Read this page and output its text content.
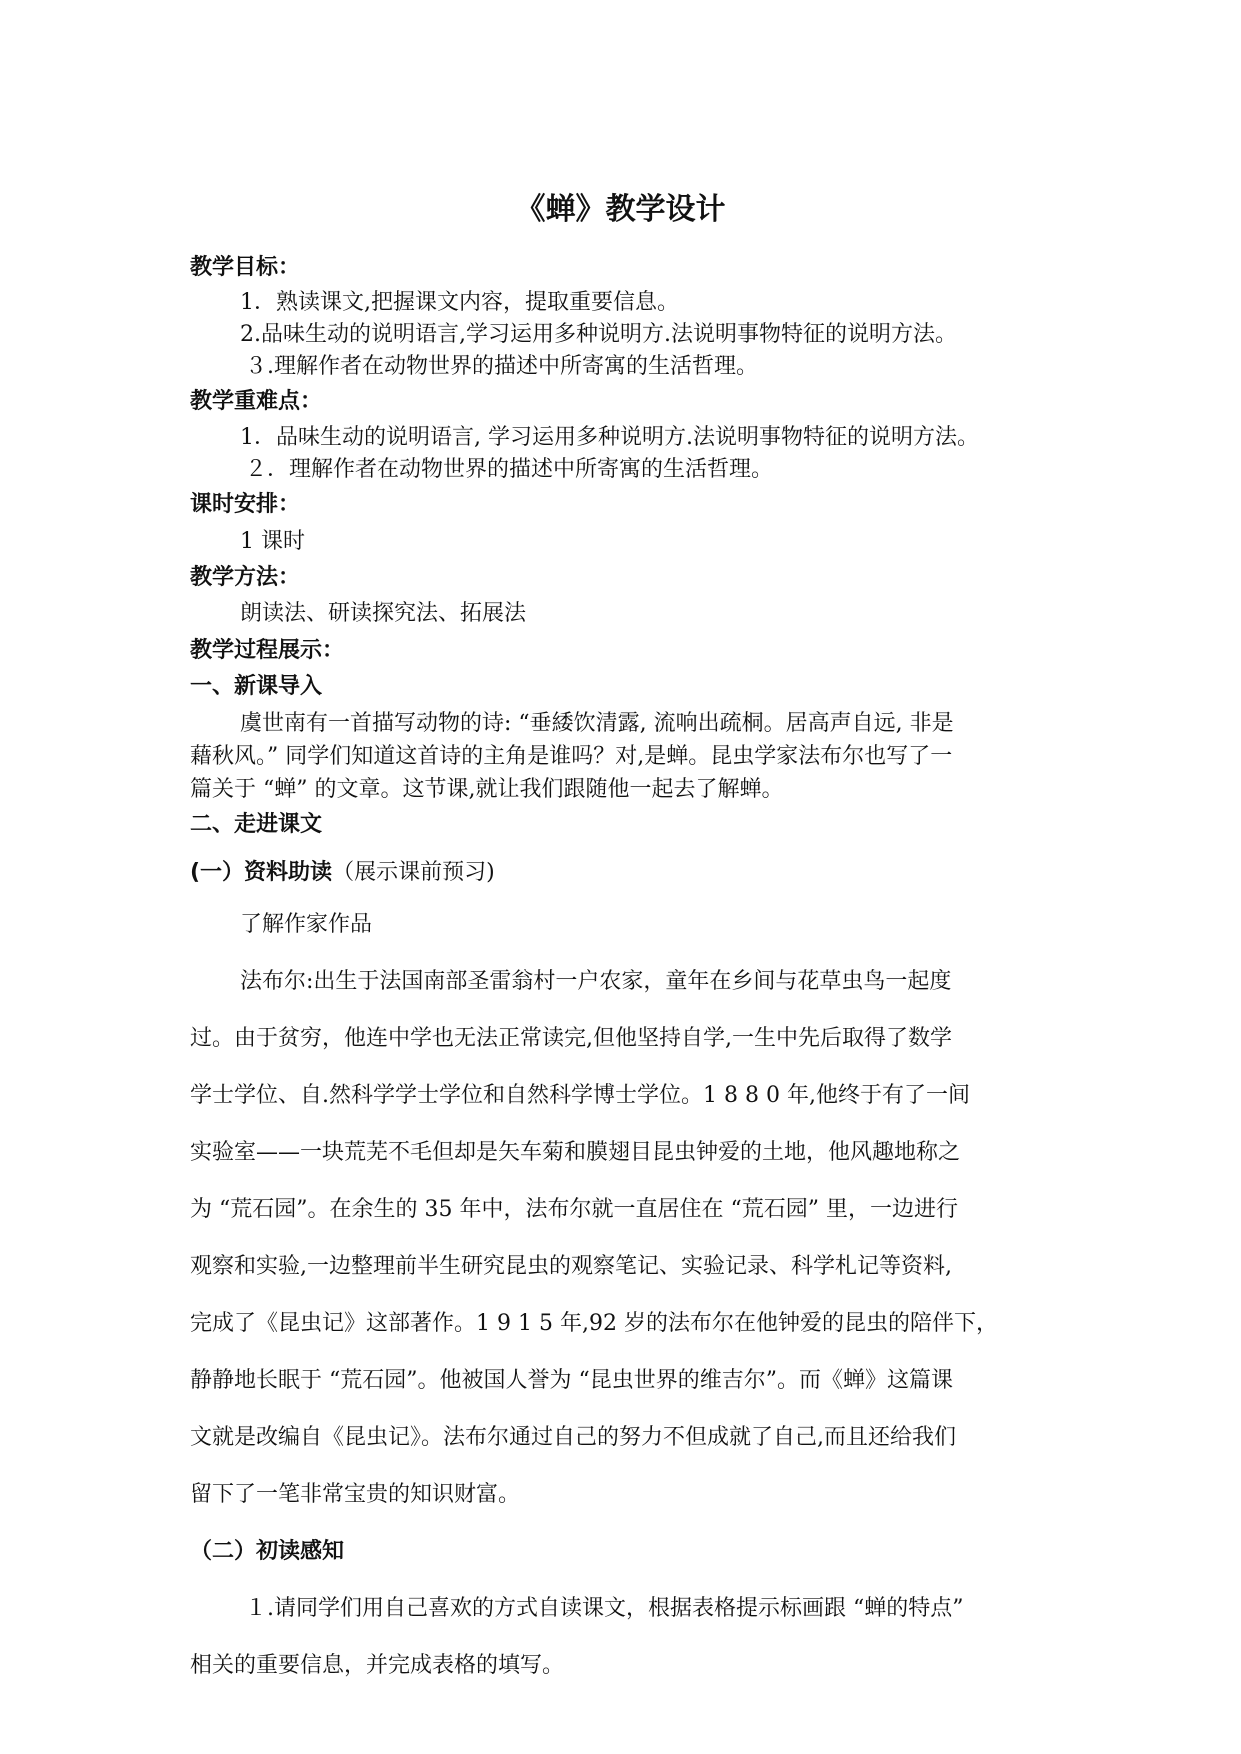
《蝉》教学设计
教学目标：
1．熟读课文,把握课文内容，提取重要信息。
2.品味生动的说明语言,学习运用多种说明方.法说明事物特征的说明方法。
３.理解作者在动物世界的描述中所寄寓的生活哲理。
教学重难点：
1．品味生动的说明语言, 学习运用多种说明方.法说明事物特征的说明方法。
２．理解作者在动物世界的描述中所寄寓的生活哲理。
课时安排：
1 课时
教学方法：
朗读法、研读探究法、拓展法
教学过程展示：
一、新课导入
虞世南有一首描写动物的诗: “垂緌饮清露, 流响出疏桐。居高声自远, 非是
藉秋风。” 同学们知道这首诗的主角是谁吗？对,是蝉。昆虫学家法布尔也写了一
篇关于 “蝉” 的文章。这节课,就让我们跟随他一起去了解蝉。
二、走进课文
(一）资料助读（展示课前预习)
了解作家作品
法布尔:出生于法国南部圣雷翁村一户农家，童年在乡间与花草虫鸟一起度
过。由于贫穷，他连中学也无法正常读完,但他坚持自学,一生中先后取得了数学
学士学位、自.然科学学士学位和自然科学博士学位。1 8 8 0 年,他终于有了一间
实验室——一块荒芜不毛但却是矢车菊和膜翅目昆虫钟爱的土地，他风趣地称之
为 “荒石园”。在余生的 35 年中，法布尔就一直居住在 “荒石园” 里，一边进行
观察和实验,一边整理前半生研究昆虫的观察笔记、实验记录、科学札记等资料,
完成了《昆虫记》这部著作。1 9 1 5 年,92 岁的法布尔在他钟爱的昆虫的陪伴下，
静静地长眠于 “荒石园”。他被国人誉为 “昆虫世界的维吉尔”。而《蝉》这篇课
文就是改编自《昆虫记》。法布尔通过自己的努力不但成就了自己,而且还给我们
留下了一笔非常宝贵的知识财富。
（二）初读感知
１.请同学们用自己喜欢的方式自读课文，根据表格提示标画跟 “蝉的特点”
相关的重要信息，并完成表格的填写。
